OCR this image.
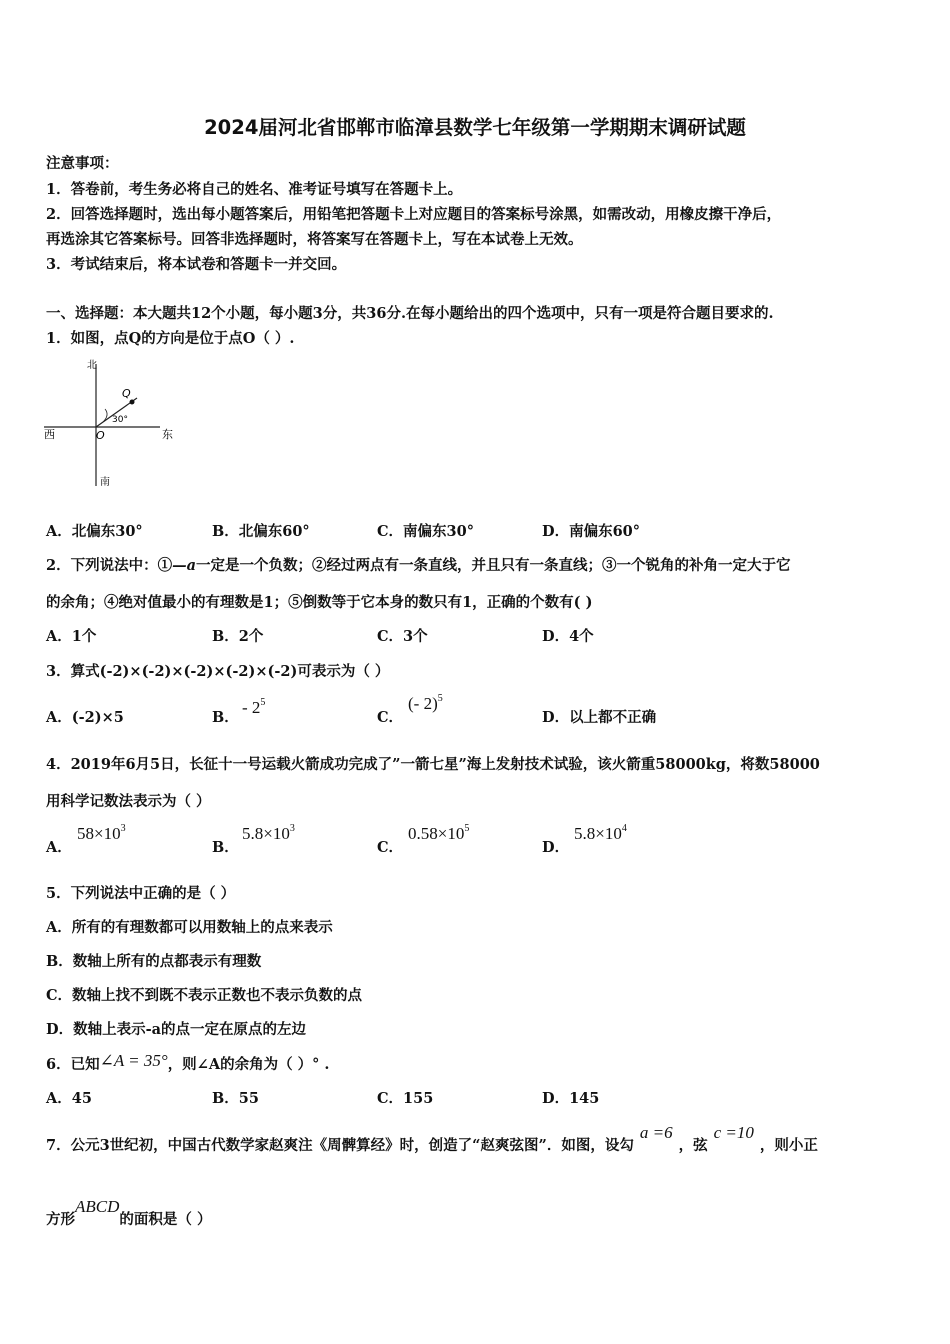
2024届河北省邯郸市临漳县数学七年级第一学期期末调研试题
注意事项：
1．答卷前，考生务必将自己的姓名、准考证号填写在答题卡上。
2．回答选择题时，选出每小题答案后，用铅笔把答题卡上对应题目的答案标号涂黑，如需改动，用橡皮擦干净后，
再选涂其它答案标号。回答非选择题时，将答案写在答题卡上，写在本试卷上无效。
3．考试结束后，将本试卷和答题卡一并交回。
一、选择题：本大题共12个小题，每小题3分，共36分.在每小题给出的四个选项中，只有一项是符合题目要求的.
1．如图，点Q的方向是位于点O（ ）.
北
南
西	东
Q
O
30°
A．北偏东30°	B．北偏东60°	C．南偏东30°	D．南偏东60°
2．下列说法中：①—a一定是一个负数；②经过两点有一条直线，并且只有一条直线；③一个锐角的补角一定大于它
的余角；④绝对值最小的有理数是1；⑤倒数等于它本身的数只有1，正确的个数有( )
A．1个	B．2个	C．3个	D．4个
3．算式(-2)×(-2)×(-2)×(-2)×(-2)可表示为（ ）
A．(-2)×5	B．
- $2^5$
C．
(- 2)$^5$
D．以上都不正确
4．2019年6月5日，长征十一号运载火箭成功完成了”一箭七星”海上发射技术试验，该火箭重58000kg，将数58000
用科学记数法表示为（ ）
A．
$58\times 10^3$
B．
$5.8\times 10^3$
C．
$0.58\times 10^5$
D．
$5.8\times 10^4$
5．下列说法中正确的是（ ）
A．所有的有理数都可以用数轴上的点来表示
B．数轴上所有的点都表示有理数
C．数轴上找不到既不表示正数也不表示负数的点
D．数轴上表示-a的点一定在原点的左边
6．已知∠A = 35°，则∠A的余角为（ ）° .
A．45	B．55	C．155	D．145
7．公元3世纪初，中国古代数学家赵爽注《周髀算经》时，创造了“赵爽弦图”．如图，设勾a =6，弦c =10，则小正
方形ABCD的面积是（ ）
